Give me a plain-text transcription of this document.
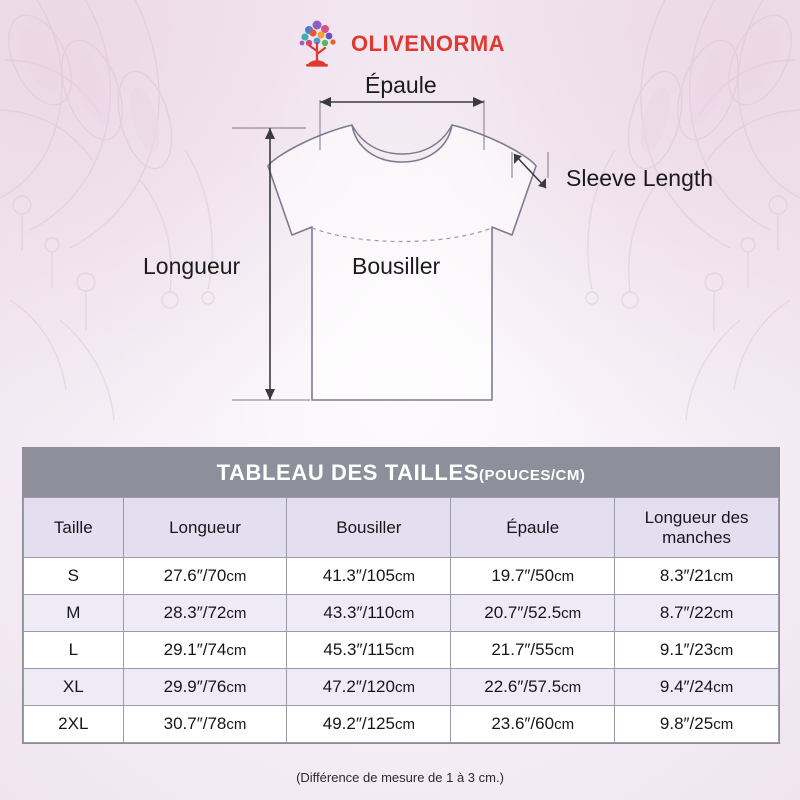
OLIVENORMA
Épaule
Sleeve Length
Longueur	Bousiller
TABLEAU DES TAILLES(POUCES/CM)
Taille	Longueur	Bousiller	Épaule	Longueur des manches
S	27.6″/70cm	41.3″/105cm	19.7″/50cm	8.3″/21cm
M	28.3″/72cm	43.3″/110cm	20.7″/52.5cm	8.7″/22cm
L	29.1″/74cm	45.3″/115cm	21.7″/55cm	9.1″/23cm
XL	29.9″/76cm	47.2″/120cm	22.6″/57.5cm	9.4″/24cm
2XL	30.7″/78cm	49.2″/125cm	23.6″/60cm	9.8″/25cm
(Différence de mesure de 1 à 3 cm.)
